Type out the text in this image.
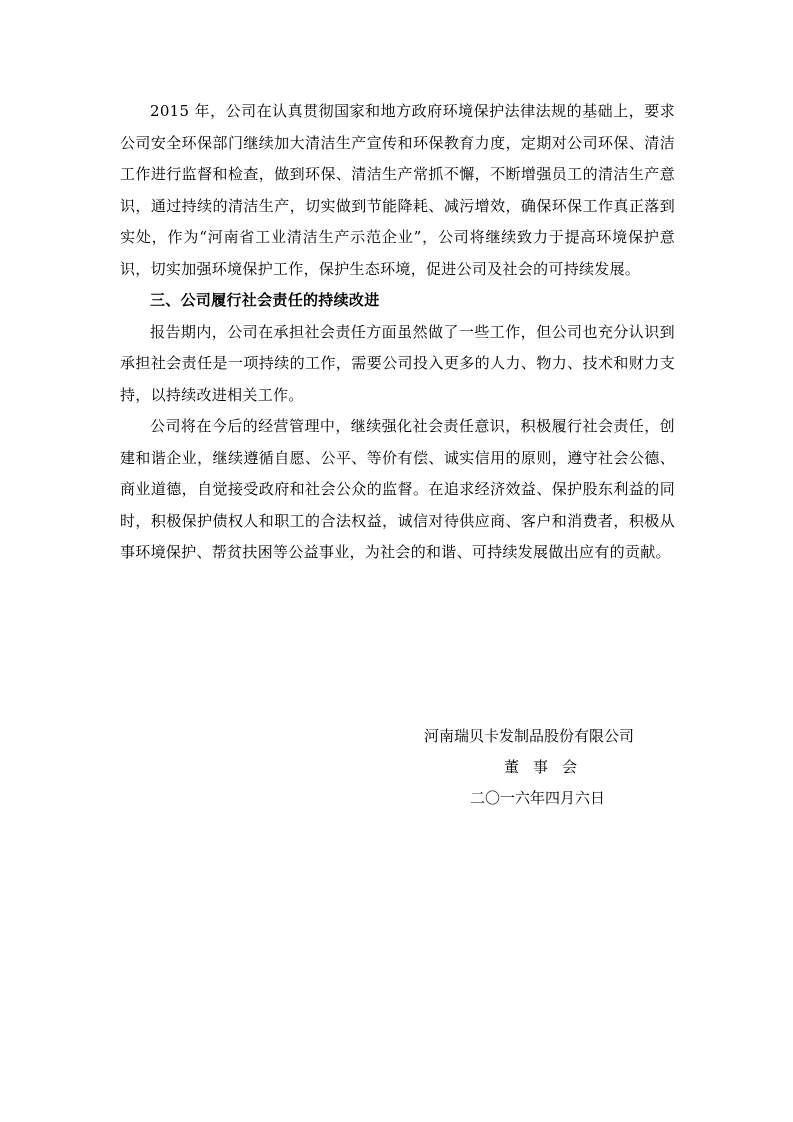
2015 年，公司在认真贯彻国家和地方政府环境保护法律法规的基础上，要求公司安全环保部门继续加大清洁生产宣传和环保教育力度，定期对公司环保、清洁工作进行监督和检查，做到环保、清洁生产常抓不懈，不断增强员工的清洁生产意识，通过持续的清洁生产，切实做到节能降耗、减污增效，确保环保工作真正落到实处，作为“河南省工业清洁生产示范企业”，公司将继续致力于提高环境保护意识，切实加强环境保护工作，保护生态环境，促进公司及社会的可持续发展。

三、公司履行社会责任的持续改进

报告期内，公司在承担社会责任方面虽然做了一些工作，但公司也充分认识到承担社会责任是一项持续的工作，需要公司投入更多的人力、物力、技术和财力支持，以持续改进相关工作。

公司将在今后的经营管理中，继续强化社会责任意识，积极履行社会责任，创建和谐企业，继续遵循自愿、公平、等价有偿、诚实信用的原则，遵守社会公德、商业道德，自觉接受政府和社会公众的监督。在追求经济效益、保护股东利益的同时，积极保护债权人和职工的合法权益，诚信对待供应商、客户和消费者，积极从事环境保护、帮贫扶困等公益事业，为社会的和谐、可持续发展做出应有的贡献。

河南瑞贝卡发制品股份有限公司
董事会
二〇一六年四月六日
